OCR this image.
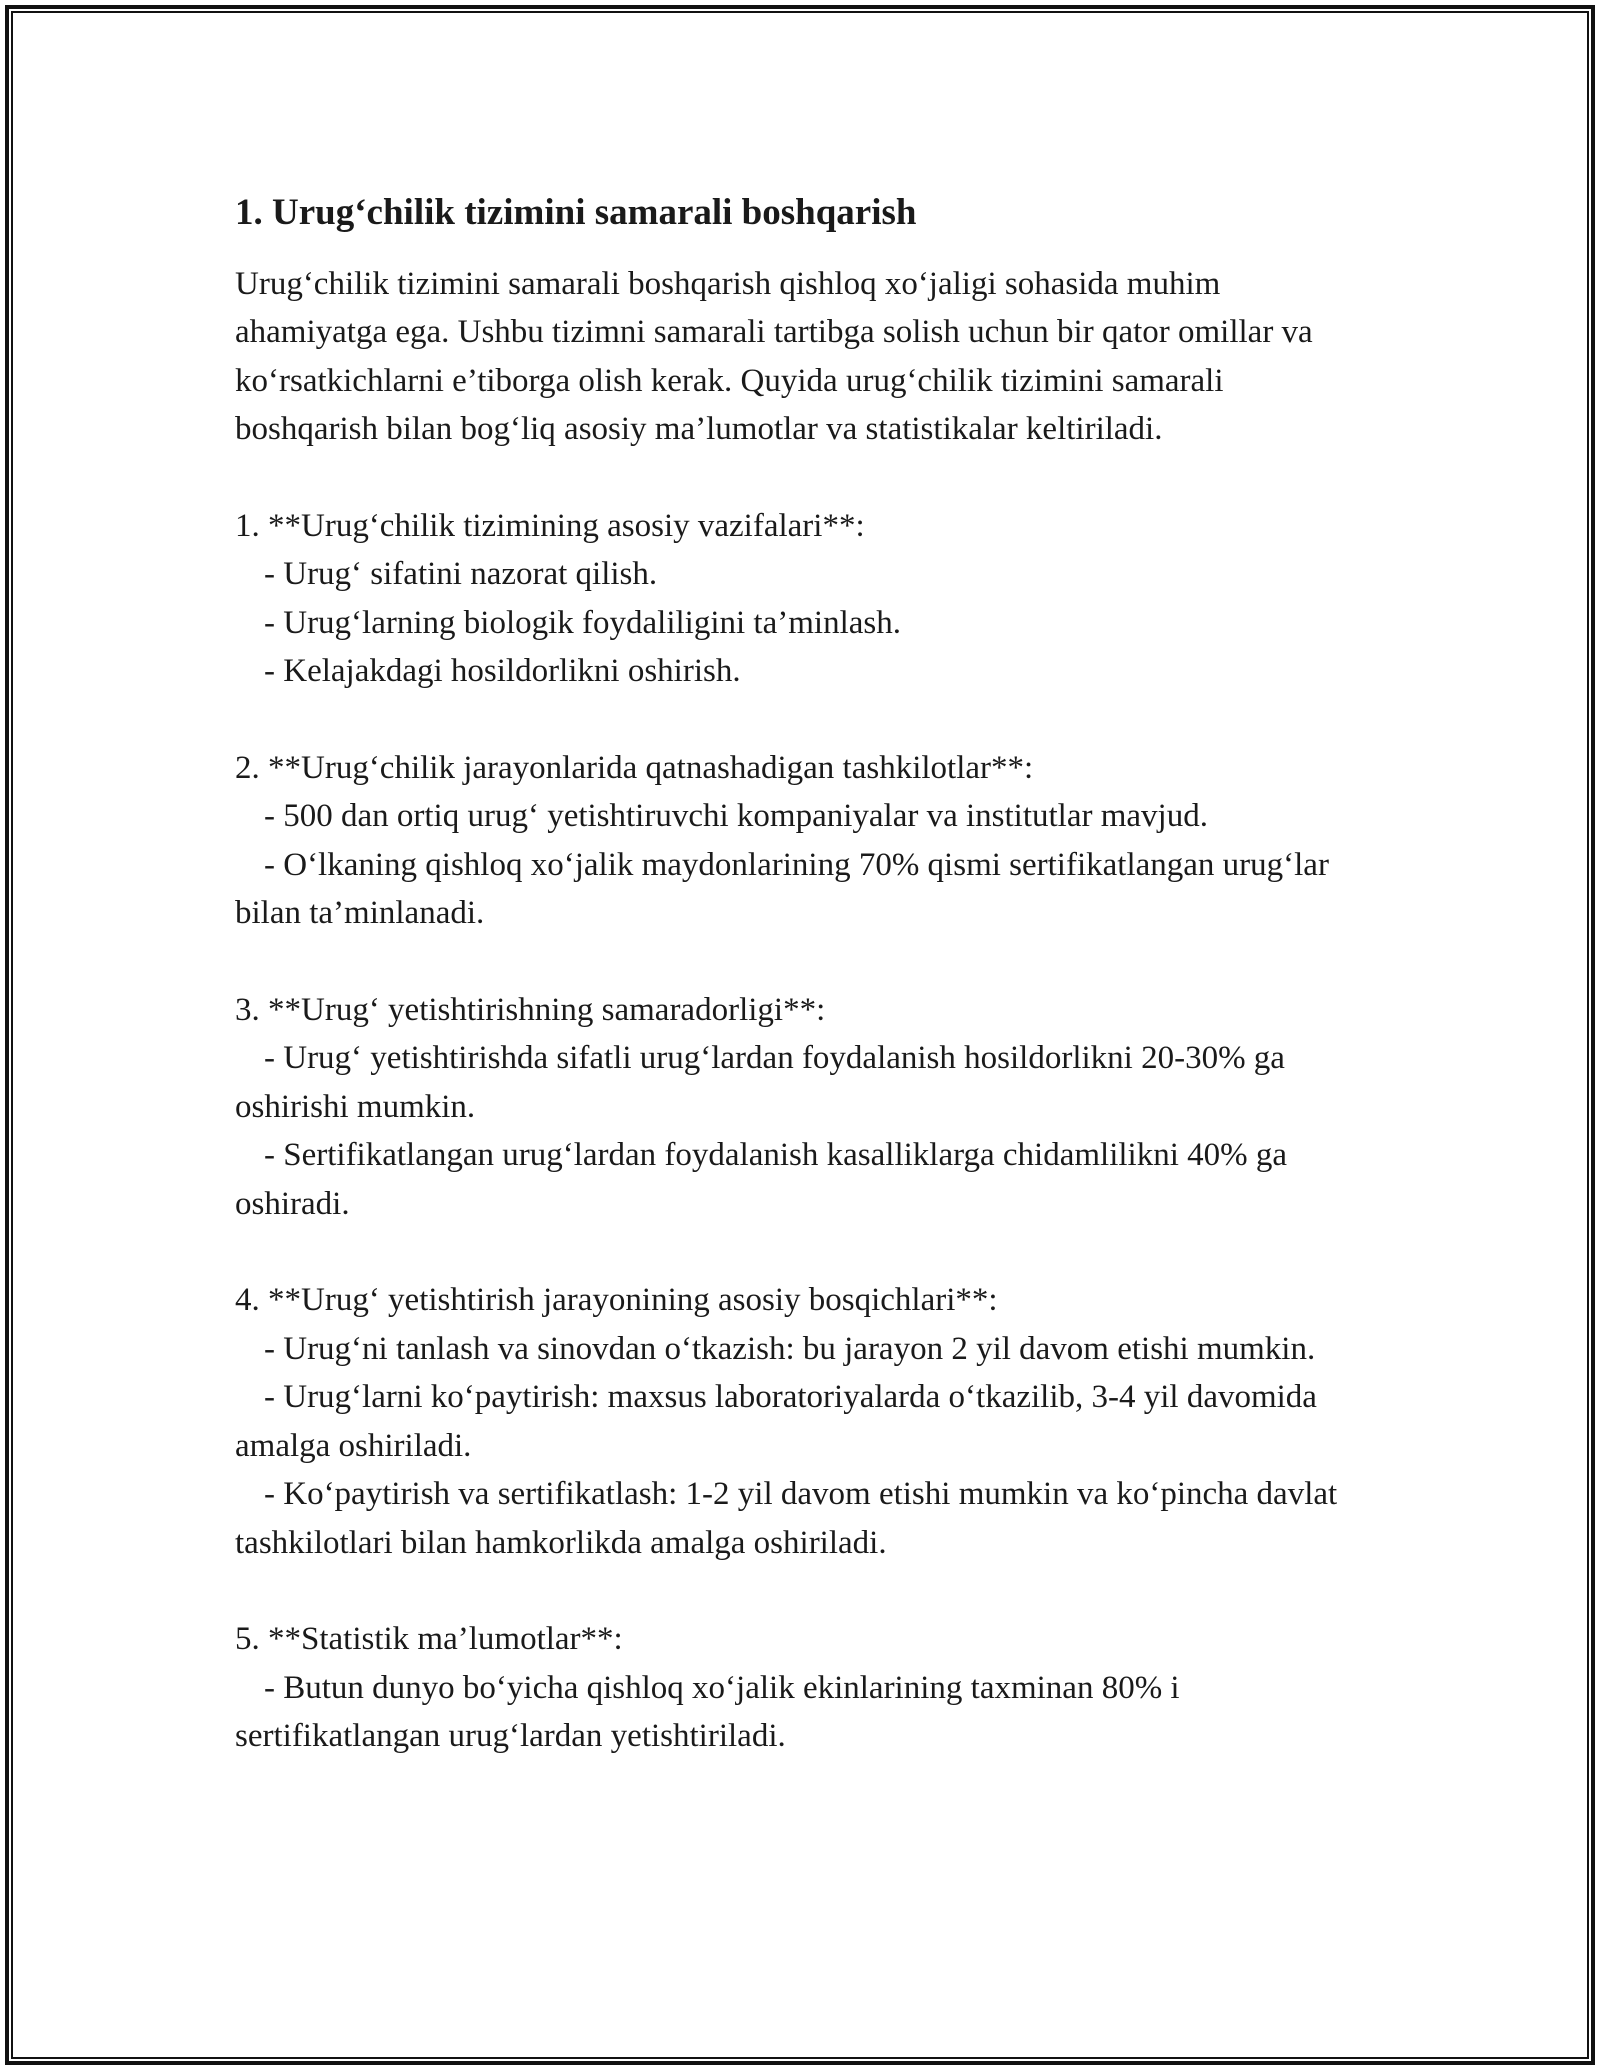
1. Urug‘chilik tizimini samarali boshqarish

Urug‘chilik tizimini samarali boshqarish qishloq xo‘jaligi sohasida muhim ahamiyatga ega. Ushbu tizimni samarali tartibga solish uchun bir qator omillar va ko‘rsatkichlarni e’tiborga olish kerak. Quyida urug‘chilik tizimini samarali boshqarish bilan bog‘liq asosiy ma’lumotlar va statistikalar keltiriladi.

1. **Urug‘chilik tizimining asosiy vazifalari**:
- Urug‘ sifatini nazorat qilish.
- Urug‘larning biologik foydaliligini ta’minlash.
- Kelajakdagi hosildorlikni oshirish.
2. **Urug‘chilik jarayonlarida qatnashadigan tashkilotlar**:
- 500 dan ortiq urug‘ yetishtiruvchi kompaniyalar va institutlar mavjud.
- O‘lkaning qishloq xo‘jalik maydonlarining 70% qismi sertifikatlangan urug‘lar bilan ta’minlanadi.
3. **Urug‘ yetishtirishning samaradorligi**:
- Urug‘ yetishtirishda sifatli urug‘lardan foydalanish hosildorlikni 20-30% ga oshirishi mumkin.
- Sertifikatlangan urug‘lardan foydalanish kasalliklarga chidamlilikni 40% ga oshiradi.
4. **Urug‘ yetishtirish jarayonining asosiy bosqichlari**:
- Urug‘ni tanlash va sinovdan o‘tkazish: bu jarayon 2 yil davom etishi mumkin.
- Urug‘larni ko‘paytirish: maxsus laboratoriyalarda o‘tkazilib, 3-4 yil davomida amalga oshiriladi.
- Ko‘paytirish va sertifikatlash: 1-2 yil davom etishi mumkin va ko‘pincha davlat tashkilotlari bilan hamkorlikda amalga oshiriladi.
5. **Statistik ma’lumotlar**:
- Butun dunyo bo‘yicha qishloq xo‘jalik ekinlarining taxminan 80% i sertifikatlangan urug‘lardan yetishtiriladi.
